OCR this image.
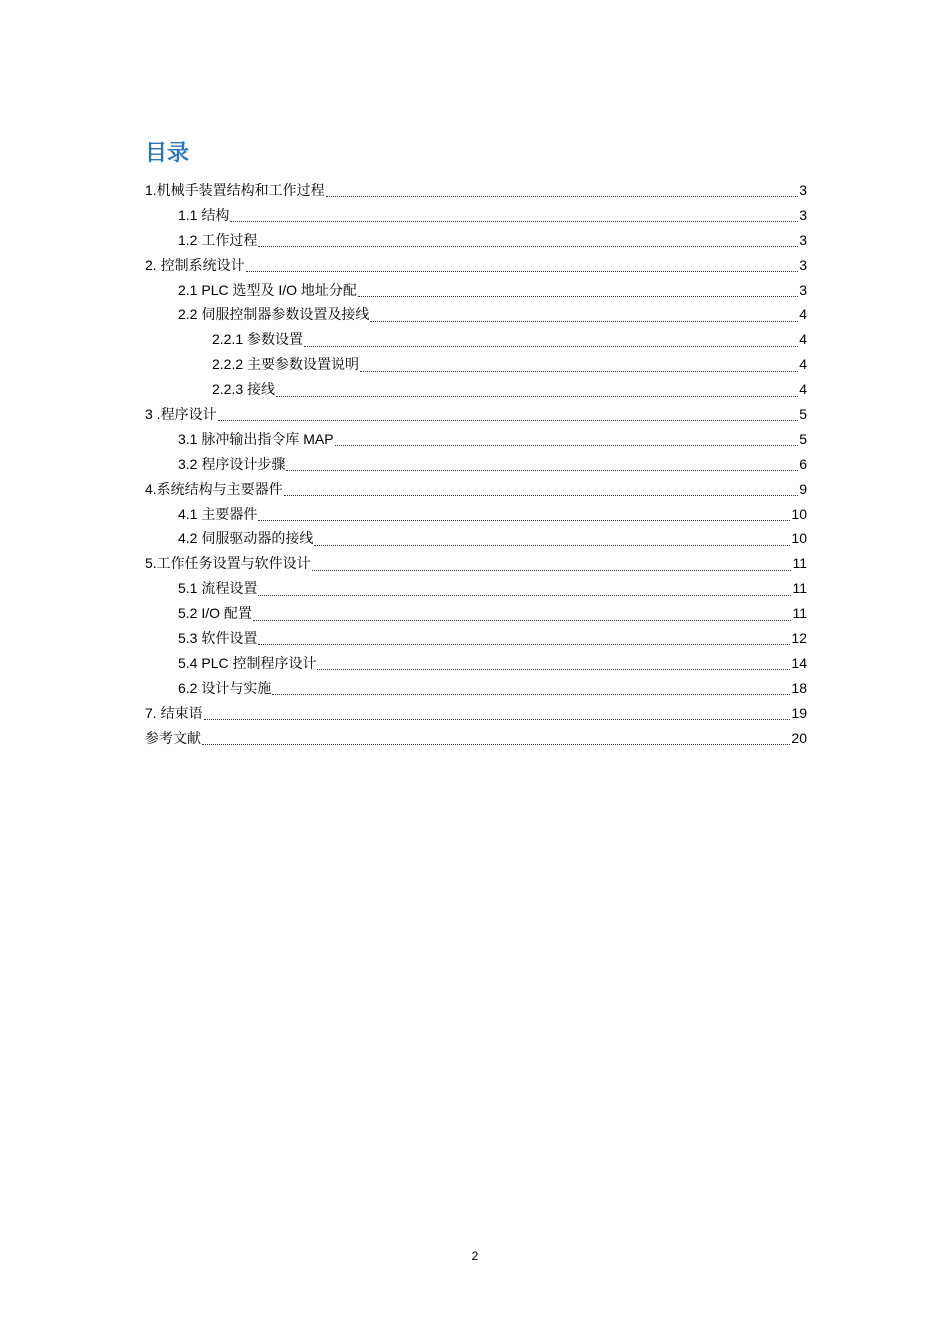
目录
1.机械手装置结构和工作过程	3
1.1 结构	3
1.2 工作过程	3
2. 控制系统设计	3
2.1 PLC 选型及 I/O 地址分配	3
2.2 伺服控制器参数设置及接线	4
2.2.1 参数设置	4
2.2.2 主要参数设置说明	4
2.2.3 接线	4
3 .程序设计	5
3.1 脉冲输出指令库 MAP	5
3.2 程序设计步骤	6
4.系统结构与主要器件	9
4.1 主要器件	10
4.2 伺服驱动器的接线	10
5.工作任务设置与软件设计	11
5.1 流程设置	11
5.2 I/O 配置	11
5.3 软件设置	12
5.4 PLC 控制程序设计	14
6.2 设计与实施	18
7. 结束语	19
参考文献	20
2
